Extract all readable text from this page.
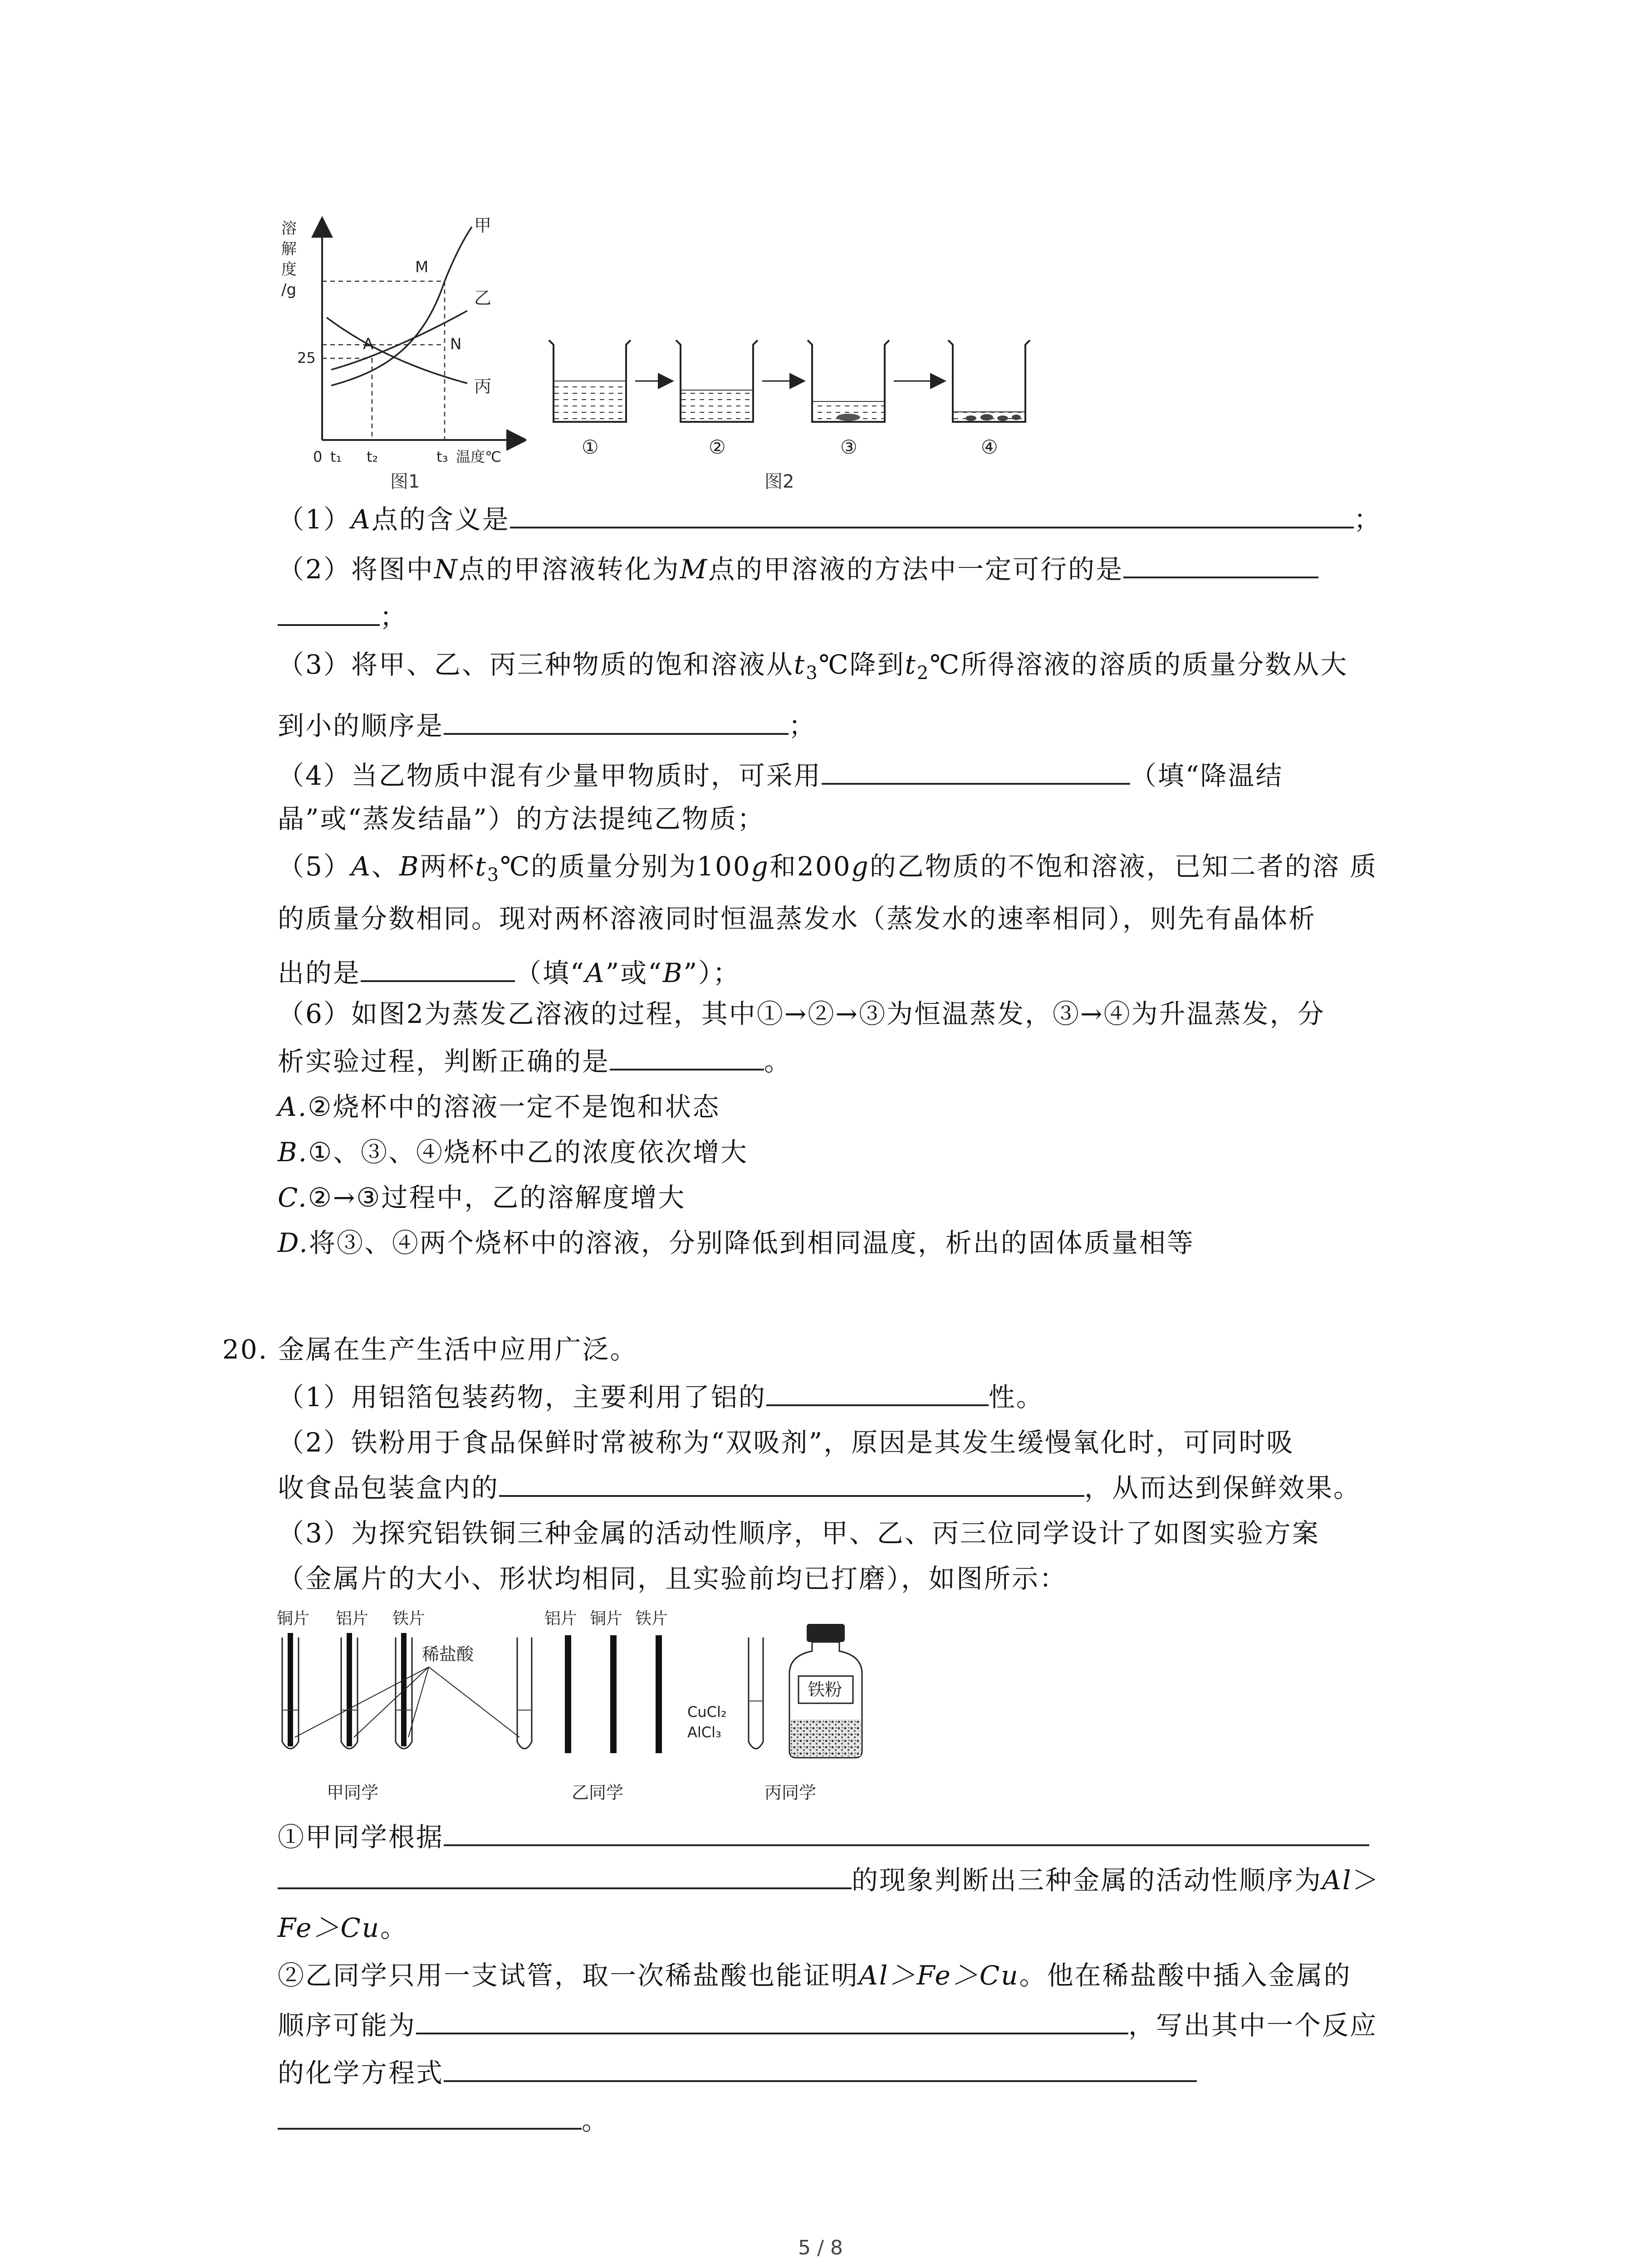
溶
解
度
/g
甲
乙
丙
M
A	N
25
0 t₁ t₂	t₃ 温度℃
图1
①	②	③	④
图2
（1）A点的含义是	；
（2）将图中N点的甲溶液转化为M点的甲溶液的方法中一定可行的是
；
（3）将甲、乙、丙三种物质的饱和溶液从$t_3℃$降到$t_2℃$所得溶液的溶质的质量分数从大
到小的顺序是	；
（4）当乙物质中混有少量甲物质时，可采用	（填“降温结
晶”或“蒸发结晶”）的方法提纯乙物质；
（5）A、B两杯$t_3℃$的质量分别为100g和200g的乙物质的不饱和溶液，已知二者的溶 质
的质量分数相同。现对两杯溶液同时恒温蒸发水（蒸发水的速率相同），则先有晶体析
出的是	（填“A”或“B”）；
（6）如图2为蒸发乙溶液的过程，其中①→②→③为恒温蒸发，③→④为升温蒸发，分
析实验过程，判断正确的是	。
A.②烧杯中的溶液一定不是饱和状态
B.①、③、④烧杯中乙的浓度依次增大
C.②→③过程中，乙的溶解度增大
D.将③、④两个烧杯中的溶液，分别降低到相同温度，析出的固体质量相等
20. 金属在生产生活中应用广泛。
（1）用铝箔包装药物，主要利用了铝的	性。
（2）铁粉用于食品保鲜时常被称为“双吸剂”，原因是其发生缓慢氧化时，可同时吸
收食品包装盒内的	，从而达到保鲜效果。
（3）为探究铝铁铜三种金属的活动性顺序，甲、乙、丙三位同学设计了如图实验方案
（金属片的大小、形状均相同，且实验前均已打磨），如图所示：
铜片 铝片 铁片
稀盐酸
甲同学
铝片 铜片 铁片
乙同学
CuCl₂
AlCl₃
铁粉
丙同学
①甲同学根据
的现象判断出三种金属的活动性顺序为Al＞
Fe＞Cu。
②乙同学只用一支试管，取一次稀盐酸也能证明Al＞Fe＞Cu。他在稀盐酸中插入金属的
顺序可能为	，写出其中一个反应
的化学方程式
。
5 / 8
